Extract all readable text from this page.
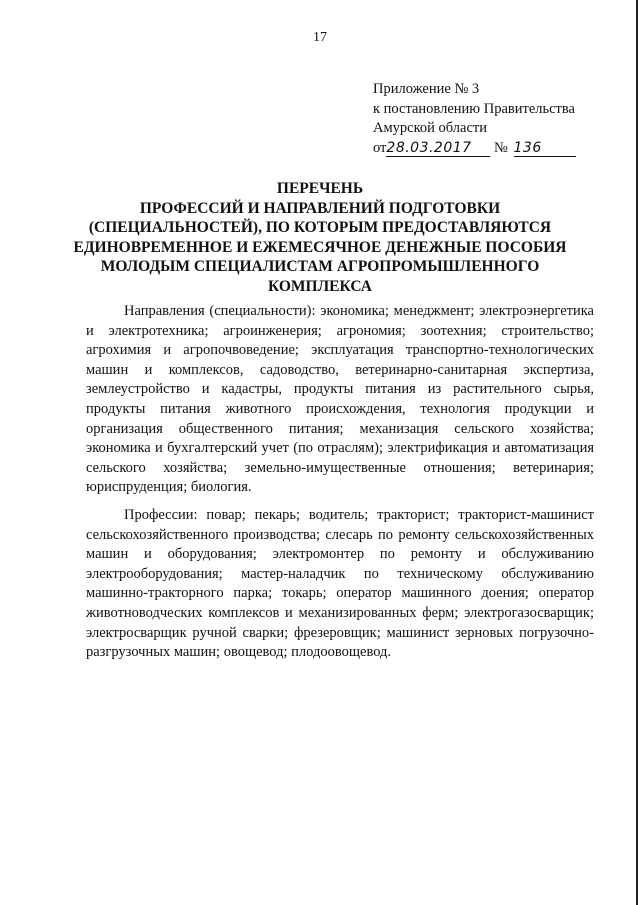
17
Приложение № 3
к постановлению Правительства
Амурской области
от28.03.2017 № 136
ПЕРЕЧЕНЬ
ПРОФЕССИЙ И НАПРАВЛЕНИЙ ПОДГОТОВКИ
(СПЕЦИАЛЬНОСТЕЙ), ПО КОТОРЫМ ПРЕДОСТАВЛЯЮТСЯ
ЕДИНОВРЕМЕННОЕ И ЕЖЕМЕСЯЧНОЕ ДЕНЕЖНЫЕ ПОСОБИЯ
МОЛОДЫМ СПЕЦИАЛИСТАМ АГРОПРОМЫШЛЕННОГО
КОМПЛЕКСА

Направления (специальности): экономика; менеджмент; электроэнергетика и электротехника; агроинженерия; агрономия; зоотехния; строительство; агрохимия и агропочвоведение; эксплуатация транспортно-технологических машин и комплексов, садоводство, ветеринарно-санитарная экспертиза, землеустройство и кадастры, продукты питания из растительного сырья, продукты питания животного происхождения, технология продукции и организация общественного питания; механизация сельского хозяйства; экономика и бухгалтерский учет (по отраслям); электрификация и автоматизация сельского хозяйства; земельно-имущественные отношения; ветеринария; юриспруденция; биология.

Профессии: повар; пекарь; водитель; тракторист; тракторист-машинист сельскохозяйственного производства; слесарь по ремонту сельскохозяйственных машин и оборудования; электромонтер по ремонту и обслуживанию электрооборудования; мастер-наладчик по техническому обслуживанию машинно-тракторного парка; токарь; оператор машинного доения; оператор животноводческих комплексов и механизированных ферм; электрогазосварщик; электросварщик ручной сварки; фрезеровщик; машинист зерновых погрузочно-разгрузочных машин; овощевод; плодоовощевод.
